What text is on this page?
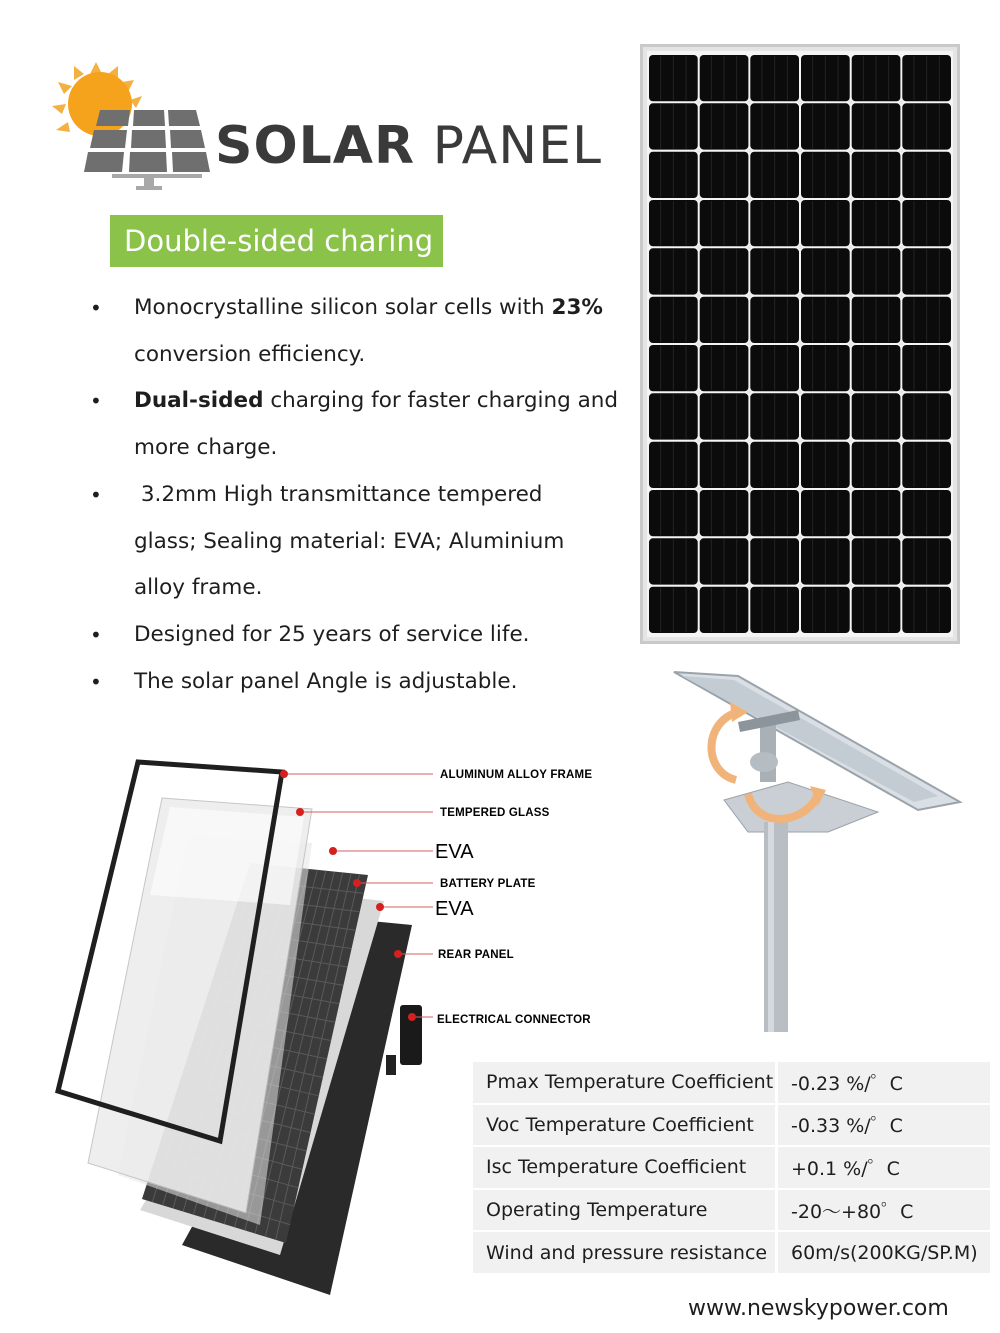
SOLAR PANEL
Double-sided charing
• Monocrystalline silicon solar cells with 23% conversion efficiency.
• Dual-sided charging for faster charging and more charge.
• 3.2mm High transmittance tempered glass; Sealing material: EVA; Aluminium alloy frame.
• Designed for 25 years of service life.
• The solar panel Angle is adjustable.
ALUMINUM ALLOY FRAME
TEMPERED GLASS
EVA
BATTERY PLATE
EVA
REAR PANEL
ELECTRICAL CONNECTOR
Pmax Temperature Coefficient	-0.23 %/゜C
Voc Temperature Coefficient	-0.33 %/゜C
Isc Temperature Coefficient	+0.1 %/゜C
Operating Temperature	-20～+80゜C
Wind and pressure resistance	60m/s(200KG/SP.M)
www.newskypower.com
